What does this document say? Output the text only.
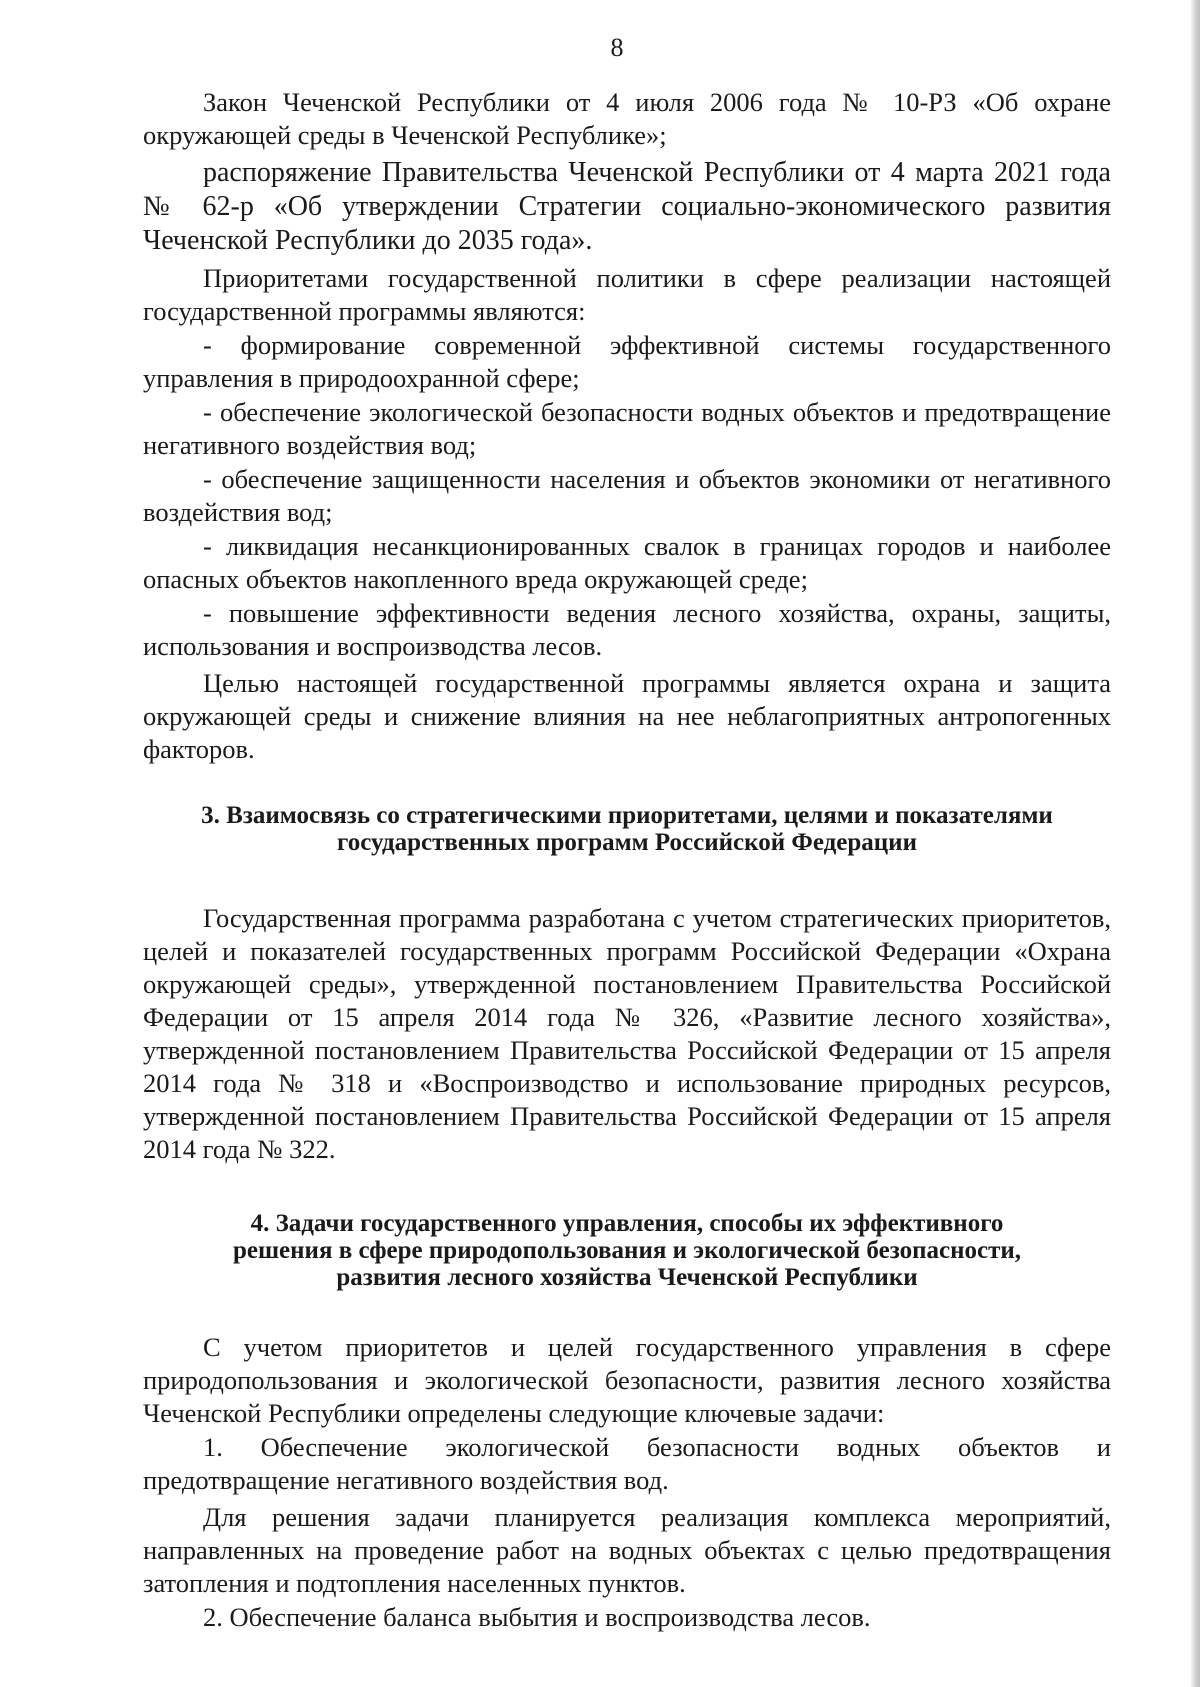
8

Закон Чеченской Республики от 4 июля 2006 года № 10-РЗ «Об охране окружающей среды в Чеченской Республике»;

распоряжение Правительства Чеченской Республики от 4 марта 2021 года № 62-р «Об утверждении Стратегии социально-экономического развития Чеченской Республики до 2035 года».

Приоритетами государственной политики в сфере реализации настоящей государственной программы являются:

- формирование современной эффективной системы государственного управления в природоохранной сфере;

- обеспечение экологической безопасности водных объектов и предотвращение негативного воздействия вод;

- обеспечение защищенности населения и объектов экономики от негативного воздействия вод;

- ликвидация несанкционированных свалок в границах городов и наиболее опасных объектов накопленного вреда окружающей среде;

- повышение эффективности ведения лесного хозяйства, охраны, защиты, использования и воспроизводства лесов.

Целью настоящей государственной программы является охрана и защита окружающей среды и снижение влияния на нее неблагоприятных антропогенных факторов.

3. Взаимосвязь со стратегическими приоритетами, целями и показателями
государственных программ Российской Федерации

Государственная программа разработана с учетом стратегических приоритетов, целей и показателей государственных программ Российской Федерации «Охрана окружающей среды», утвержденной постановлением Правительства Российской Федерации от 15 апреля 2014 года № 326, «Развитие лесного хозяйства», утвержденной постановлением Правительства Российской Федерации от 15 апреля 2014 года № 318 и «Воспроизводство и использование природных ресурсов, утвержденной постановлением Правительства Российской Федерации от 15 апреля 2014 года № 322.

4. Задачи государственного управления, способы их эффективного
решения в сфере природопользования и экологической безопасности,
развития лесного хозяйства Чеченской Республики

С учетом приоритетов и целей государственного управления в сфере природопользования и экологической безопасности, развития лесного хозяйства Чеченской Республики определены следующие ключевые задачи:

1. Обеспечение экологической безопасности водных объектов и предотвращение негативного воздействия вод.

Для решения задачи планируется реализация комплекса мероприятий, направленных на проведение работ на водных объектах с целью предотвращения затопления и подтопления населенных пунктов.

2. Обеспечение баланса выбытия и воспроизводства лесов.
